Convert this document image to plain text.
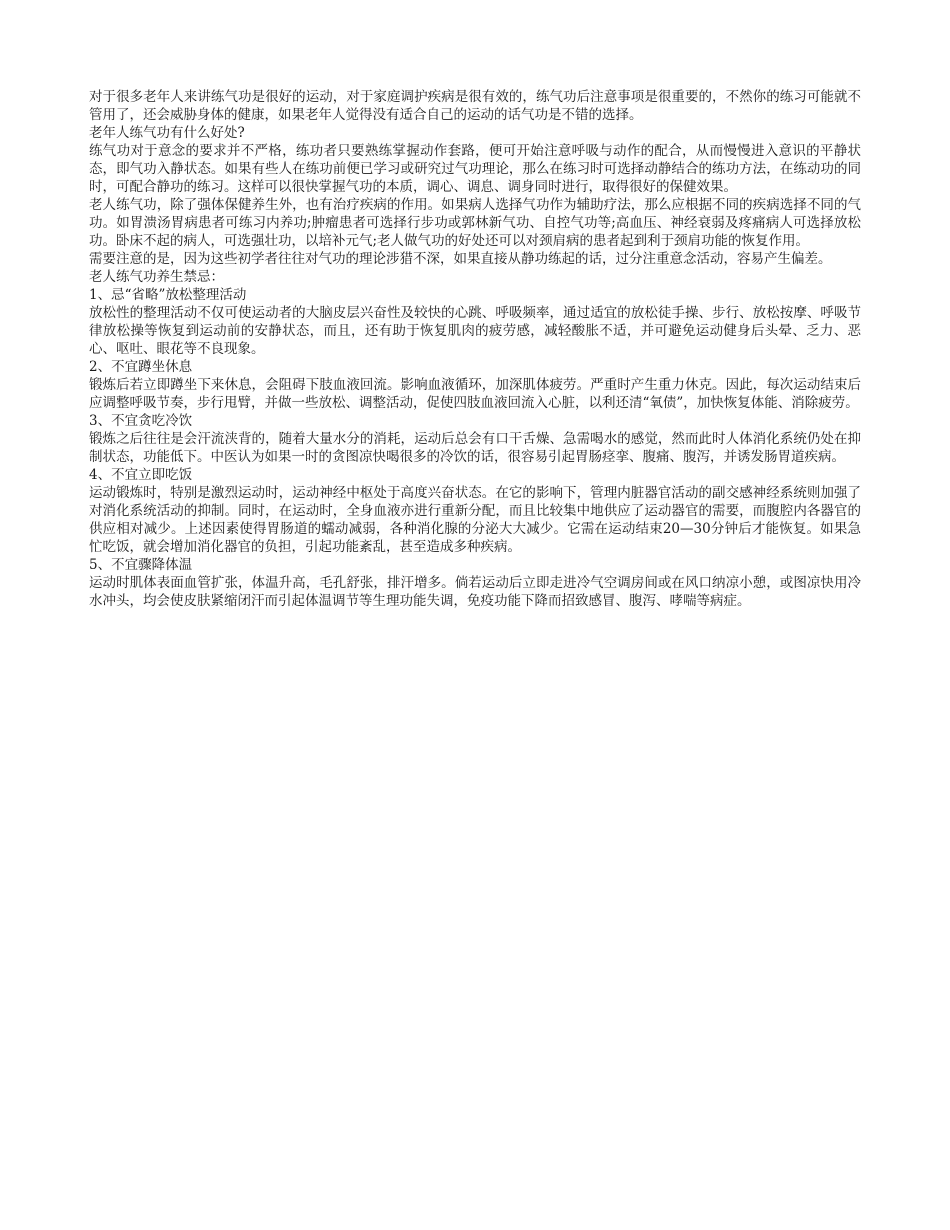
对于很多老年人来讲练气功是很好的运动，对于家庭调护疾病是很有效的，练气功后注意事项是很重要的，不然你的练习可能就不管用了，还会威胁身体的健康，如果老年人觉得没有适合自己的运动的话气功是不错的选择。

老年人练气功有什么好处?

练气功对于意念的要求并不严格，练功者只要熟练掌握动作套路，便可开始注意呼吸与动作的配合，从而慢慢进入意识的平静状态，即气功入静状态。如果有些人在练功前便已学习或研究过气功理论，那么在练习时可选择动静结合的练功方法，在练动功的同时，可配合静功的练习。这样可以很快掌握气功的本质，调心、调息、调身同时进行，取得很好的保健效果。

老人练气功，除了强体保健养生外，也有治疗疾病的作用。如果病人选择气功作为辅助疗法，那么应根据不同的疾病选择不同的气功。如胃溃汤胃病患者可练习内养功;肿瘤患者可选择行步功或郭林新气功、自控气功等;高血压、神经衰弱及疼痛病人可选择放松功。卧床不起的病人，可选强壮功，以培补元气;老人做气功的好处还可以对颈肩病的患者起到利于颈肩功能的恢复作用。

需要注意的是，因为这些初学者往往对气功的理论涉猎不深，如果直接从静功练起的话，过分注重意念活动，容易产生偏差。

老人练气功养生禁忌：

1、忌“省略”放松整理活动

放松性的整理活动不仅可使运动者的大脑皮层兴奋性及较快的心跳、呼吸频率，通过适宜的放松徒手操、步行、放松按摩、呼吸节律放松操等恢复到运动前的安静状态，而且，还有助于恢复肌肉的疲劳感，减轻酸胀不适，并可避免运动健身后头晕、乏力、恶心、呕吐、眼花等不良现象。

2、不宜蹲坐休息

锻炼后若立即蹲坐下来休息，会阻碍下肢血液回流。影响血液循环，加深肌体疲劳。严重时产生重力休克。因此，每次运动结束后应调整呼吸节奏，步行甩臂，并做一些放松、调整活动，促使四肢血液回流入心脏，以利还清“氧债”，加快恢复体能、消除疲劳。

3、不宜贪吃冷饮

锻炼之后往往是会汗流浃背的，随着大量水分的消耗，运动后总会有口干舌燥、急需喝水的感觉，然而此时人体消化系统仍处在抑制状态，功能低下。中医认为如果一时的贪图凉快喝很多的冷饮的话，很容易引起胃肠痉挛、腹痛、腹泻，并诱发肠胃道疾病。

4、不宜立即吃饭

运动锻炼时，特别是激烈运动时，运动神经中枢处于高度兴奋状态。在它的影响下，管理内脏器官活动的副交感神经系统则加强了对消化系统活动的抑制。同时，在运动时，全身血液亦进行重新分配，而且比较集中地供应了运动器官的需要，而腹腔内各器官的供应相对减少。上述因素使得胃肠道的蠕动减弱，各种消化腺的分泌大大减少。它需在运动结束20—30分钟后才能恢复。如果急忙吃饭，就会增加消化器官的负担，引起功能紊乱，甚至造成多种疾病。

5、不宜骤降体温

运动时肌体表面血管扩张，体温升高，毛孔舒张，排汗增多。倘若运动后立即走进冷气空调房间或在风口纳凉小憩，或图凉快用冷水冲头，均会使皮肤紧缩闭汗而引起体温调节等生理功能失调，免疫功能下降而招致感冒、腹泻、哮喘等病症。
